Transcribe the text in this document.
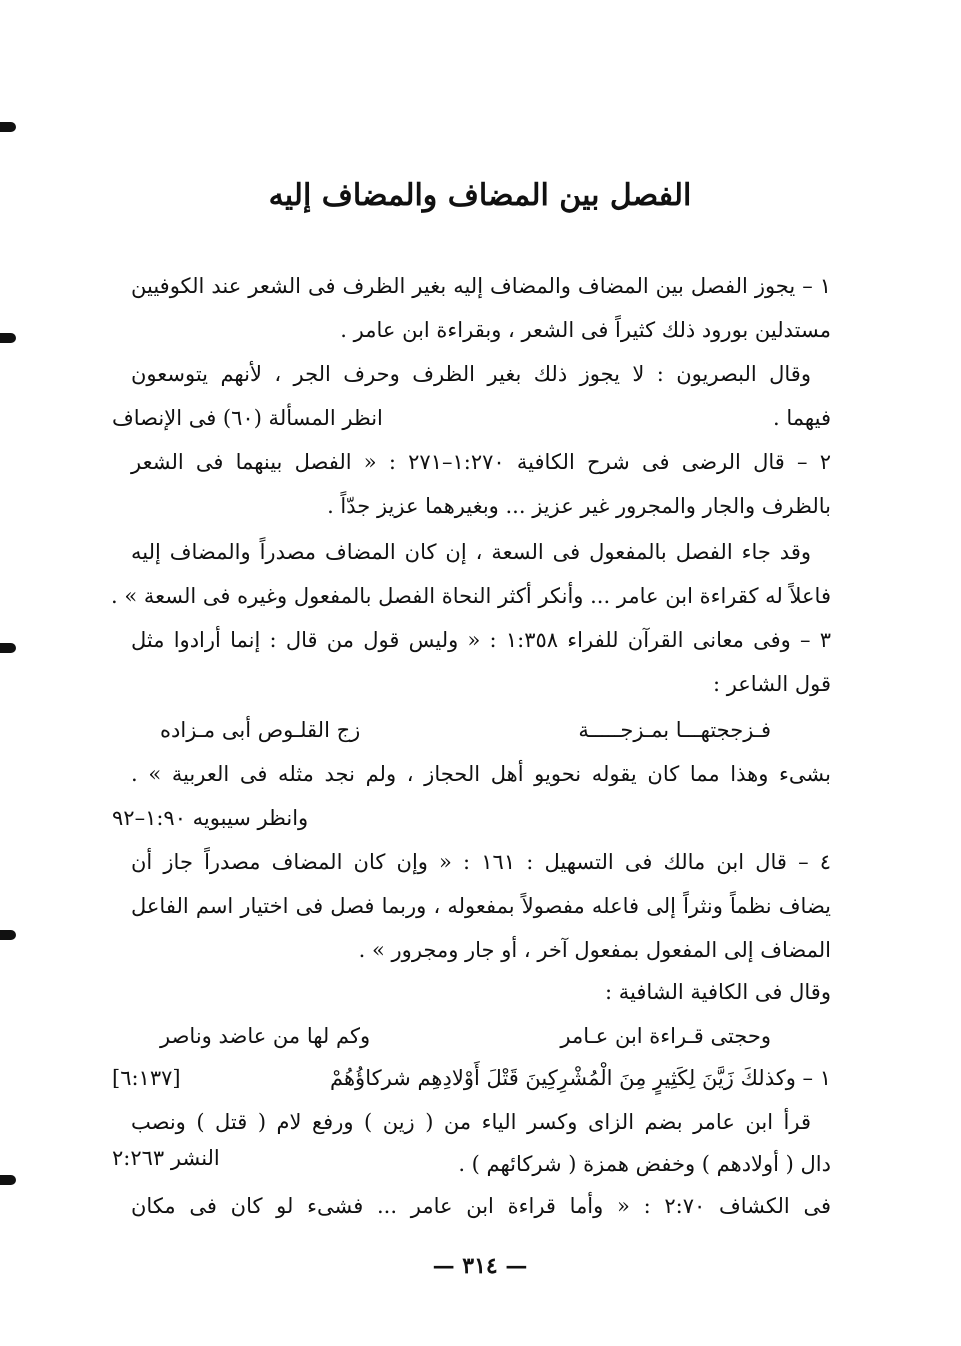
الفصل بين المضاف والمضاف إليه
١ – يجوز الفصل بين المضاف والمضاف إليه بغير الظرف فى الشعر عند الكوفيين
مستدلين بورود ذلك كثيراً فى الشعر ، وبقراءة ابن عامر .
وقال البصريون : لا يجوز ذلك بغير الظرف وحرف الجر ، لأنهم يتوسعون
فيهما .
انظر المسألة (٦٠) فى الإنصاف
٢ – قال الرضى فى شرح الكافية ١:٢٧٠–٢٧١ : « الفصل بينهما فى الشعر
بالظرف والجار والمجرور غير عزيز ... وبغيرهما عزيز جدّاً .
وقد جاء الفصل بالمفعول فى السعة ، إن كان المضاف مصدراً والمضاف إليه
فاعلاً له كقراءة ابن عامر ... وأنكر أكثر النحاة الفصل بالمفعول وغيره فى السعة » .
٣ – وفى معانى القرآن للفراء ١:٣٥٨ : « وليس قول من قال : إنما أرادوا مثل
قول الشاعر :
فـزججتهـــا بمـزجـــــة
زج القلـوص أبى مـزاده
بشىء وهذا مما كان يقوله نحويو أهل الحجاز ، ولم نجد مثله فى العربية » .
وانظر سيبويه ١:٩٠–٩٢
٤ – قال ابن مالك فى التسهيل : ١٦١ : « وإن كان المضاف مصدراً جاز أن
يضاف نظماً ونثراً إلى فاعله مفصولاً بمفعوله ، وربما فصل فى اختيار اسم الفاعل
المضاف إلى المفعول بمفعول آخر ، أو جار ومجرور » .
وقال فى الكافية الشافية :
وحجتى قـراءة ابن عـامر
وكم لها من عاضد وناصر
١ – وكذلكَ زَيَّنَ لِكَثِيرٍ مِنَ الْمُشْرِكِينَ قَتْلَ أَوْلادِهِم شركاؤُهُمْ
[٦:١٣٧]
قرأ ابن عامر بضم الزاى وكسر الياء من ( زين ) ورفع لام ( قتل ) ونصب
دال ( أولادهم ) وخفض همزة ( شركائهم ) .
النشر ٢:٢٦٣
فى الكشاف ٢:٧٠ : « وأما قراءة ابن عامر ... فشىء لو كان فى مكان
— ٣١٤ —
